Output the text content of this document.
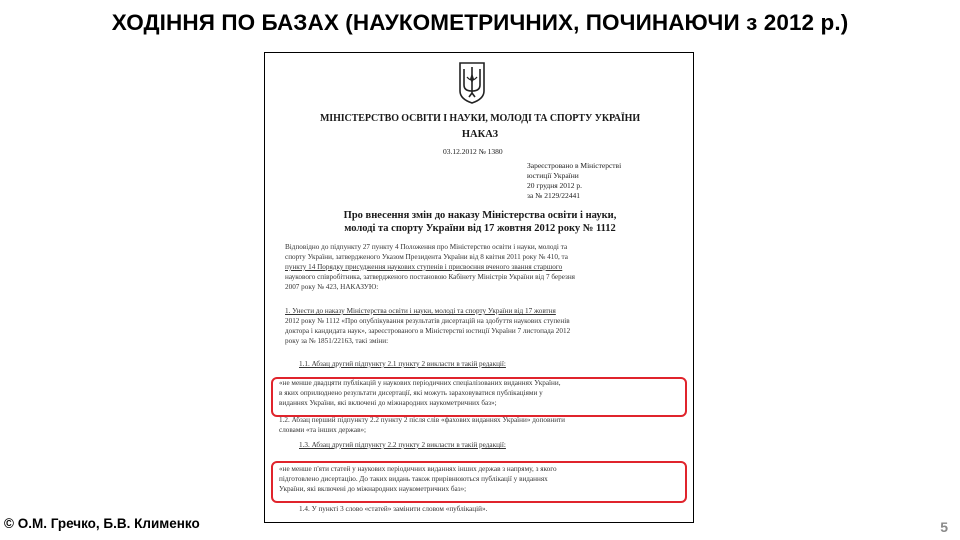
ХОДІННЯ ПО БАЗАХ (НАУКОМЕТРИЧНИХ, ПОЧИНАЮЧИ з 2012 р.)
МІНІСТЕРСТВО ОСВІТИ І НАУКИ, МОЛОДІ ТА СПОРТУ УКРАЇНИ
НАКАЗ
03.12.2012 № 1380
Зареєстровано в Міністерстві
юстиції України
20 грудня 2012 р.
за № 2129/22441
Про внесення змін до наказу Міністерства освіти і науки,
молоді та спорту України від 17 жовтня 2012 року № 1112
Відповідно до підпункту 27 пункту 4 Положення про Міністерство освіти і науки, молоді та
спорту України, затвердженого Указом Президента України від 8 квітня 2011 року № 410, та
пункту 14 Порядку присудження наукових ступенів і присвоєння вченого звання старшого
наукового співробітника, затвердженого постановою Кабінету Міністрів України від 7 березня
2007 року № 423, НАКАЗУЮ:
1. Унести до наказу Міністерства освіти і науки, молоді та спорту України від 17 жовтня
2012 року № 1112 «Про опублікування результатів дисертацій на здобуття наукових ступенів
доктора і кандидата наук», зареєстрованого в Міністерстві юстиції України 7 листопада 2012
року за № 1851/22163, такі зміни:
1.1. Абзац другий підпункту 2.1 пункту 2 викласти в такій редакції:
«не менше двадцяти публікацій у наукових періодичних спеціалізованих виданнях України,
в яких оприлюднено результати дисертації, які можуть зараховуватися публікаціями у
виданнях України, які включені до міжнародних наукометричних баз»;
1.2. Абзац перший підпункту 2.2 пункту 2 після слів «фахових виданнях України» доповнити
словами «та інших держав»;
1.3. Абзац другий підпункту 2.2 пункту 2 викласти в такій редакції:
«не менше п'яти статей у наукових періодичних виданнях інших держав з напряму, з якого
підготовлено дисертацію. До таких видань також прирівнюються публікації у виданнях
України, які включені до міжнародних наукометричних баз»;
1.4. У пункті 3 слово «статей» замінити словом «публікацій».
© О.М. Гречко, Б.В. Клименко	5
